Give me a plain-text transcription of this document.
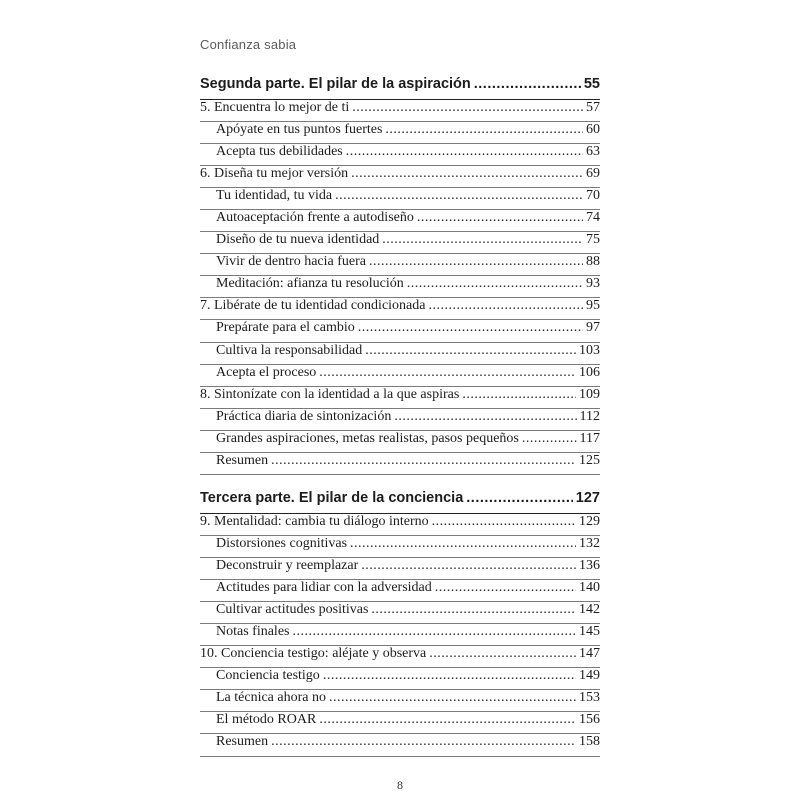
Confianza sabia
Segunda parte. El pilar de la aspiración .....	55
5. Encuentra lo mejor de ti .....	57
Apóyate en tus puntos fuertes .....	60
Acepta tus debilidades .....	63
6. Diseña tu mejor versión .....	69
Tu identidad, tu vida .....	70
Autoaceptación frente a autodiseño .....	74
Diseño de tu nueva identidad .....	75
Vivir de dentro hacia fuera .....	88
Meditación: afianza tu resolución .....	93
7. Libérate de tu identidad condicionada .....	95
Prepárate para el cambio .....	97
Cultiva la responsabilidad .....	103
Acepta el proceso .....	106
8. Sintonízate con la identidad a la que aspiras .....	109
Práctica diaria de sintonización .....	112
Grandes aspiraciones, metas realistas, pasos pequeños .....	117
Resumen .....	125
Tercera parte. El pilar de la conciencia .....	127
9. Mentalidad: cambia tu diálogo interno .....	129
Distorsiones cognitivas .....	132
Deconstruir y reemplazar .....	136
Actitudes para lidiar con la adversidad .....	140
Cultivar actitudes positivas .....	142
Notas finales .....	145
10. Conciencia testigo: aléjate y observa .....	147
Conciencia testigo .....	149
La técnica ahora no .....	153
El método ROAR .....	156
Resumen .....	158
8
